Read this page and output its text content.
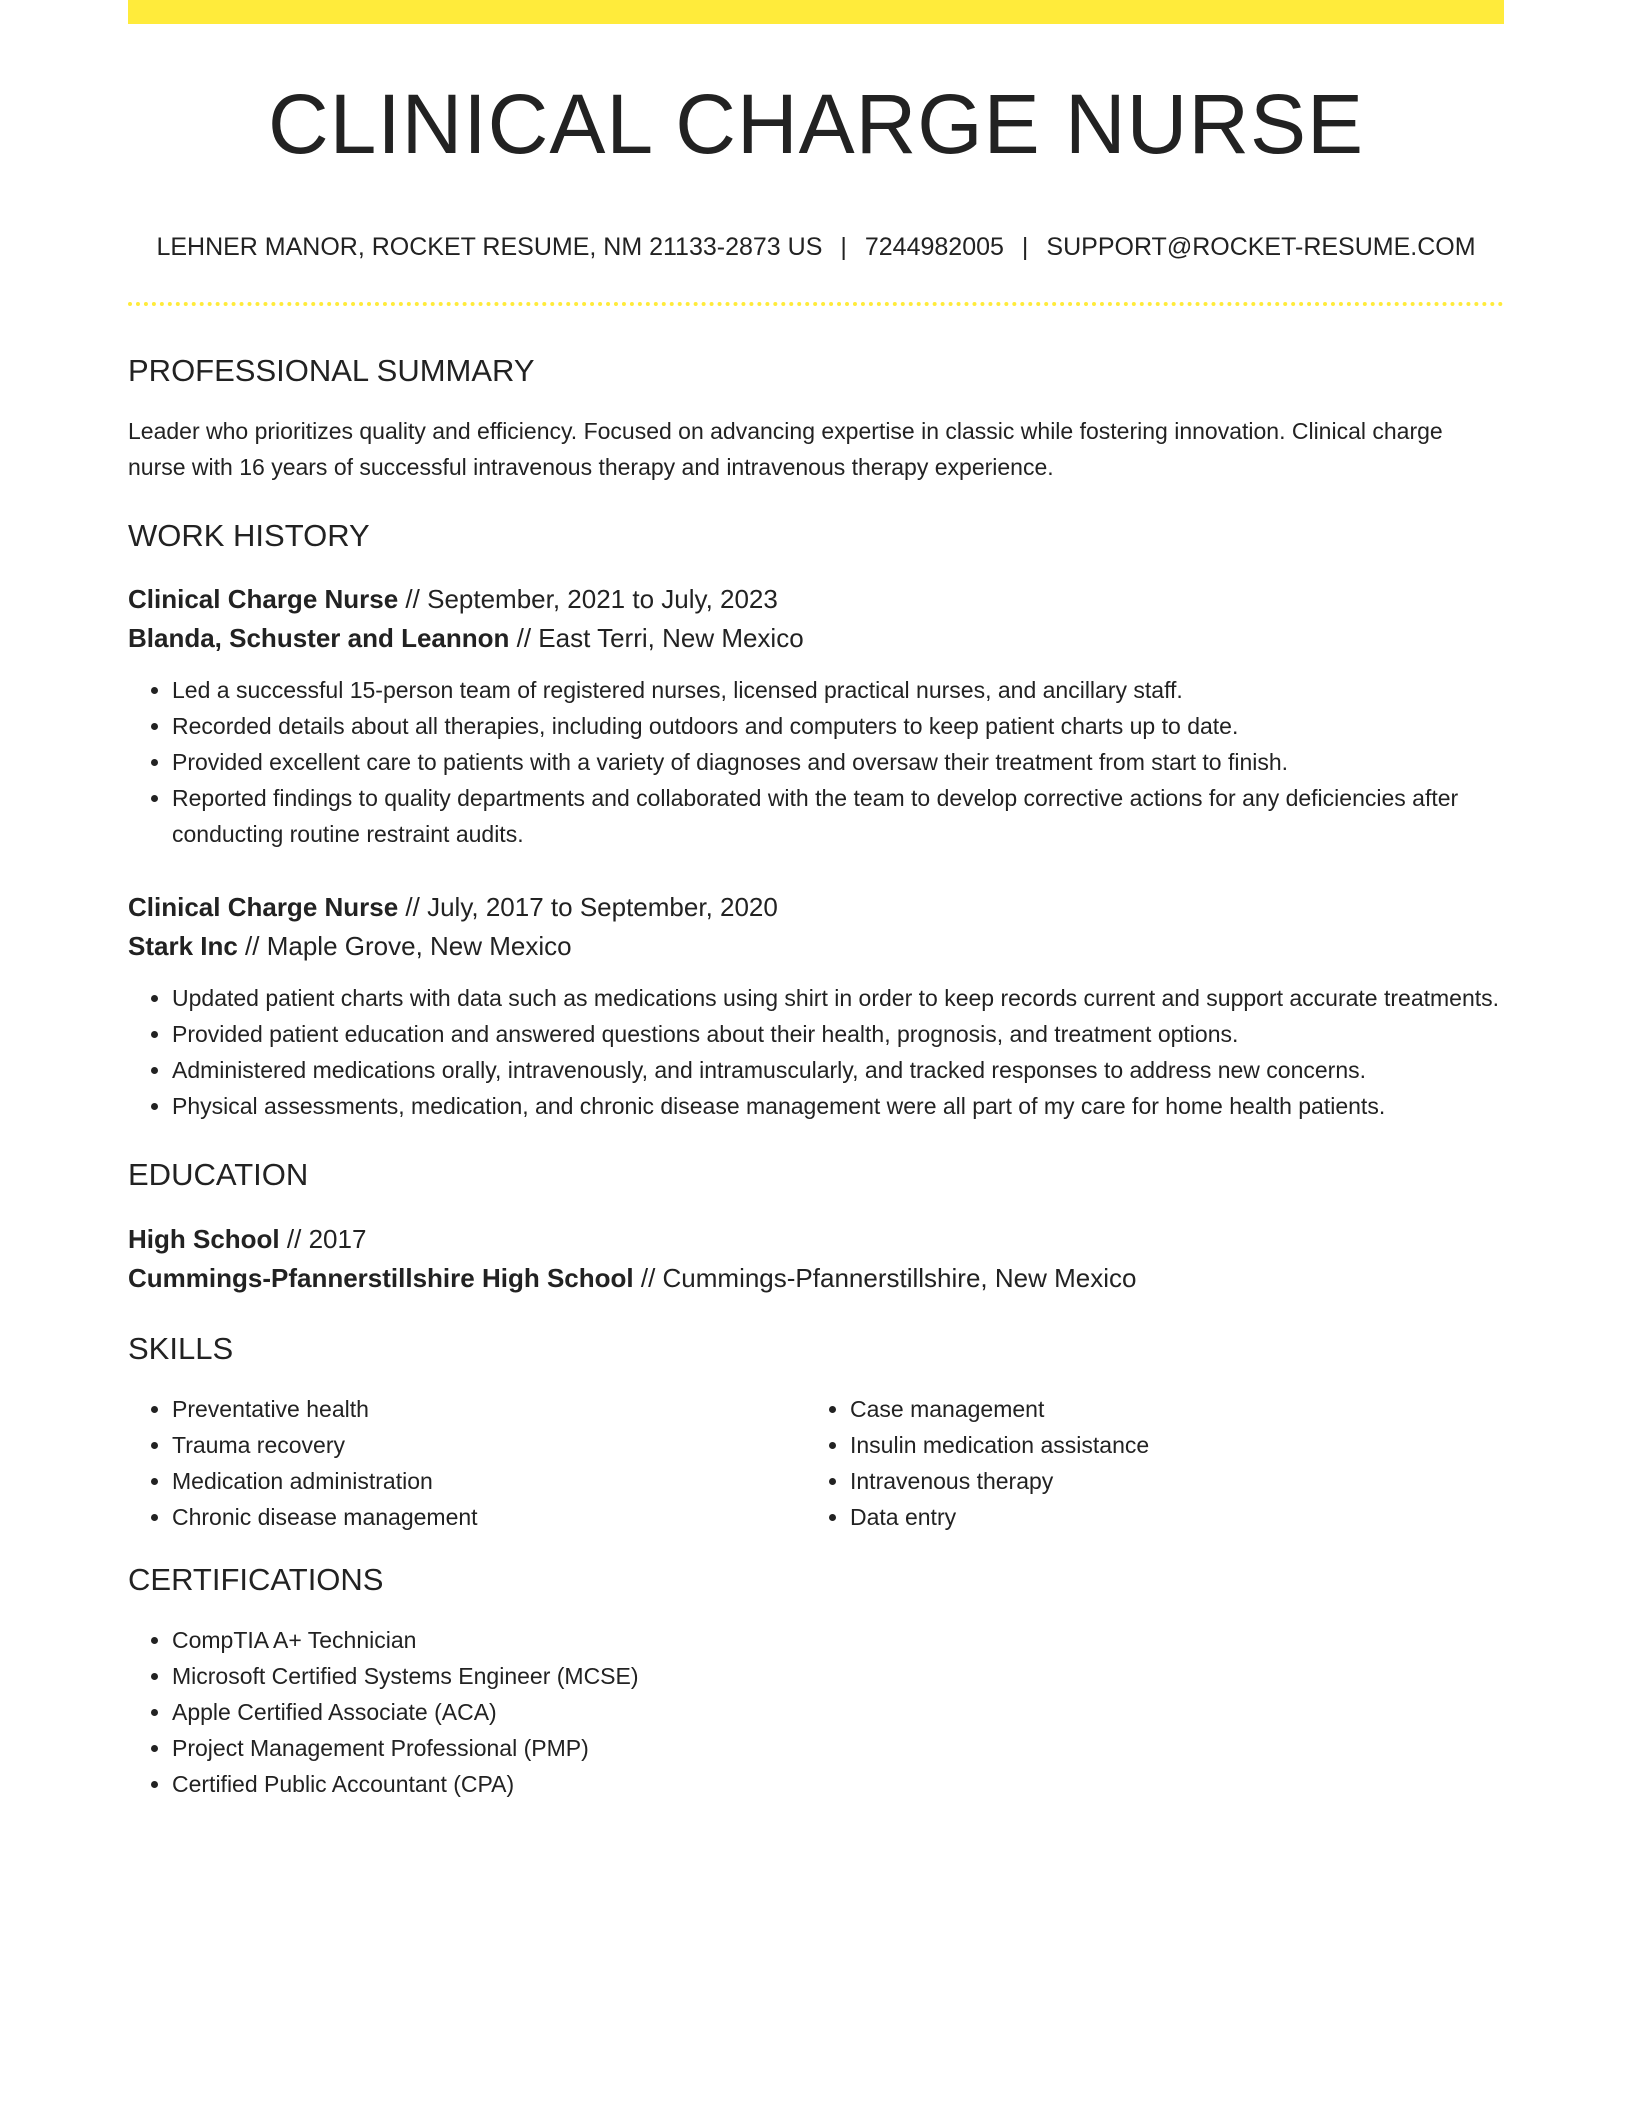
CLINICAL CHARGE NURSE
LEHNER MANOR, ROCKET RESUME, NM 21133-2873 US | 7244982005 | SUPPORT@ROCKET-RESUME.COM
PROFESSIONAL SUMMARY

Leader who prioritizes quality and efficiency. Focused on advancing expertise in classic while fostering innovation. Clinical charge nurse with 16 years of successful intravenous therapy and intravenous therapy experience.

WORK HISTORY
Clinical Charge Nurse // September, 2021 to July, 2023
Blanda, Schuster and Leannon // East Terri, New Mexico
• Led a successful 15-person team of registered nurses, licensed practical nurses, and ancillary staff.
• Recorded details about all therapies, including outdoors and computers to keep patient charts up to date.
• Provided excellent care to patients with a variety of diagnoses and oversaw their treatment from start to finish.
• Reported findings to quality departments and collaborated with the team to develop corrective actions for any deficiencies after conducting routine restraint audits.
Clinical Charge Nurse // July, 2017 to September, 2020
Stark Inc // Maple Grove, New Mexico
• Updated patient charts with data such as medications using shirt in order to keep records current and support accurate treatments.
• Provided patient education and answered questions about their health, prognosis, and treatment options.
• Administered medications orally, intravenously, and intramuscularly, and tracked responses to address new concerns.
• Physical assessments, medication, and chronic disease management were all part of my care for home health patients.
EDUCATION
High School // 2017
Cummings-Pfannerstillshire High School // Cummings-Pfannerstillshire, New Mexico
SKILLS
• Preventative health
• Trauma recovery
• Medication administration
• Chronic disease management
• Case management
• Insulin medication assistance
• Intravenous therapy
• Data entry
CERTIFICATIONS
• CompTIA A+ Technician
• Microsoft Certified Systems Engineer (MCSE)
• Apple Certified Associate (ACA)
• Project Management Professional (PMP)
• Certified Public Accountant (CPA)
